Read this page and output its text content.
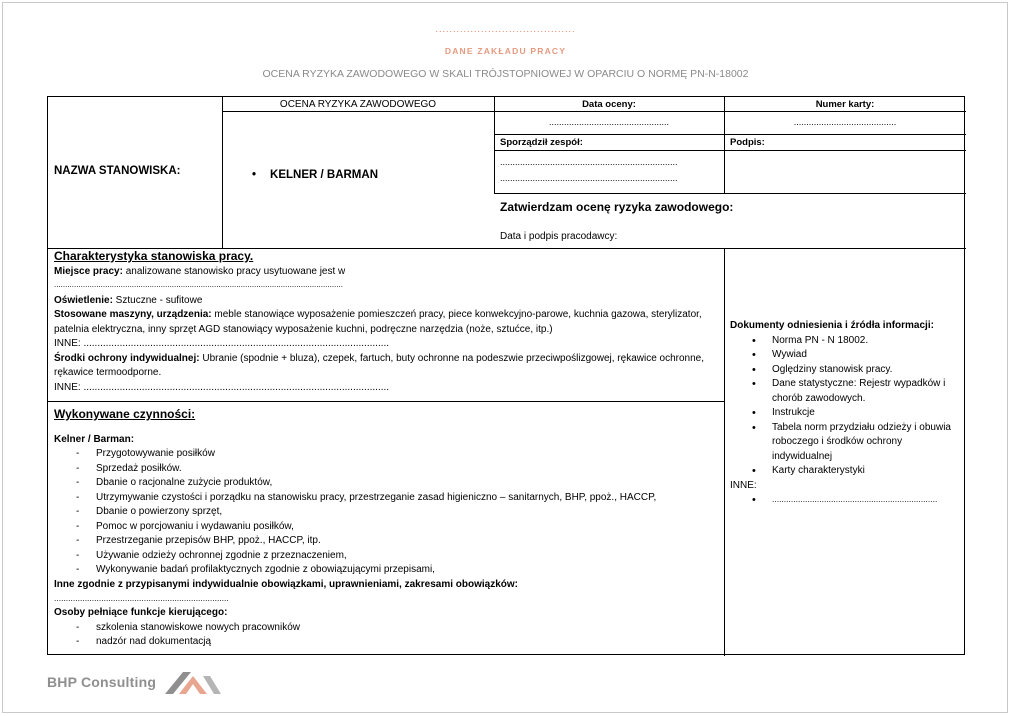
........................................
DANE ZAKŁADU PRACY
OCENA RYZYKA ZAWODOWEGO W SKALI TRÓJSTOPNIOWEJ W OPARCIU O NORMĘ PN-N-18002
NAZWA STANOWISKA:
OCENA RYZYKA ZAWODOWEGO	Data oceny:	Numer karty:
................................................	.........................................
• KELNER / BARMAN
Sporządził zespół:
.......................................................................
.......................................................................
Podpis:
Zatwierdzam ocenę ryzyka zawodowego:
Data i podpis pracodawcy:
Charakterystyka stanowiska pracy.
Miejsce pracy: analizowane stanowisko pracy usytuowane jest w
..................................................................................................................................
Oświetlenie: Sztuczne - sufitowe
Stosowane maszyny, urządzenia: meble stanowiące wyposażenie pomieszczeń pracy, piece konwekcyjno-parowe, kuchnia gazowa, sterylizator, patelnia elektryczna, inny sprzęt AGD stanowiący wyposażenie kuchni, podręczne narzędzia (noże, sztućce, itp.)
INNE: ..............................................................................................................
Środki ochrony indywidualnej: Ubranie (spodnie + bluza), czepek, fartuch, buty ochronne na podeszwie przeciwpoślizgowej, rękawice ochronne, rękawice termoodporne.
INNE: ..............................................................................................................
Wykonywane czynności:
Kelner / Barman:
- Przygotowywanie posiłków
- Sprzedaż posiłków.
- Dbanie o racjonalne zużycie produktów,
- Utrzymywanie czystości i porządku na stanowisku pracy, przestrzeganie zasad higieniczno – sanitarnych, BHP, ppoż., HACCP,
- Dbanie o powierzony sprzęt,
- Pomoc w porcjowaniu i wydawaniu posiłków,
- Przestrzeganie przepisów BHP, ppoż., HACCP, itp.
- Używanie odzieży ochronnej zgodnie z przeznaczeniem,
- Wykonywanie badań profilaktycznych zgodnie z obowiązującymi przepisami,
Inne zgodnie z przypisanymi indywidualnie obowiązkami, uprawnieniami, zakresami obowiązków:
..........................................................................
Osoby pełniące funkcje kierującego:
- szkolenia stanowiskowe nowych pracowników
- nadzór nad dokumentacją
Dokumenty odniesienia i źródła informacji:
• Norma PN - N 18002.
• Wywiad
• Oględziny stanowisk pracy.
• Dane statystyczne: Rejestr wypadków i chorób zawodowych.
• Instrukcje
• Tabela norm przydziału odzieży i obuwia roboczego i środków ochrony indywidualnej
• Karty charakterystyki
INNE:
• ......................................................................
BHP Consulting
